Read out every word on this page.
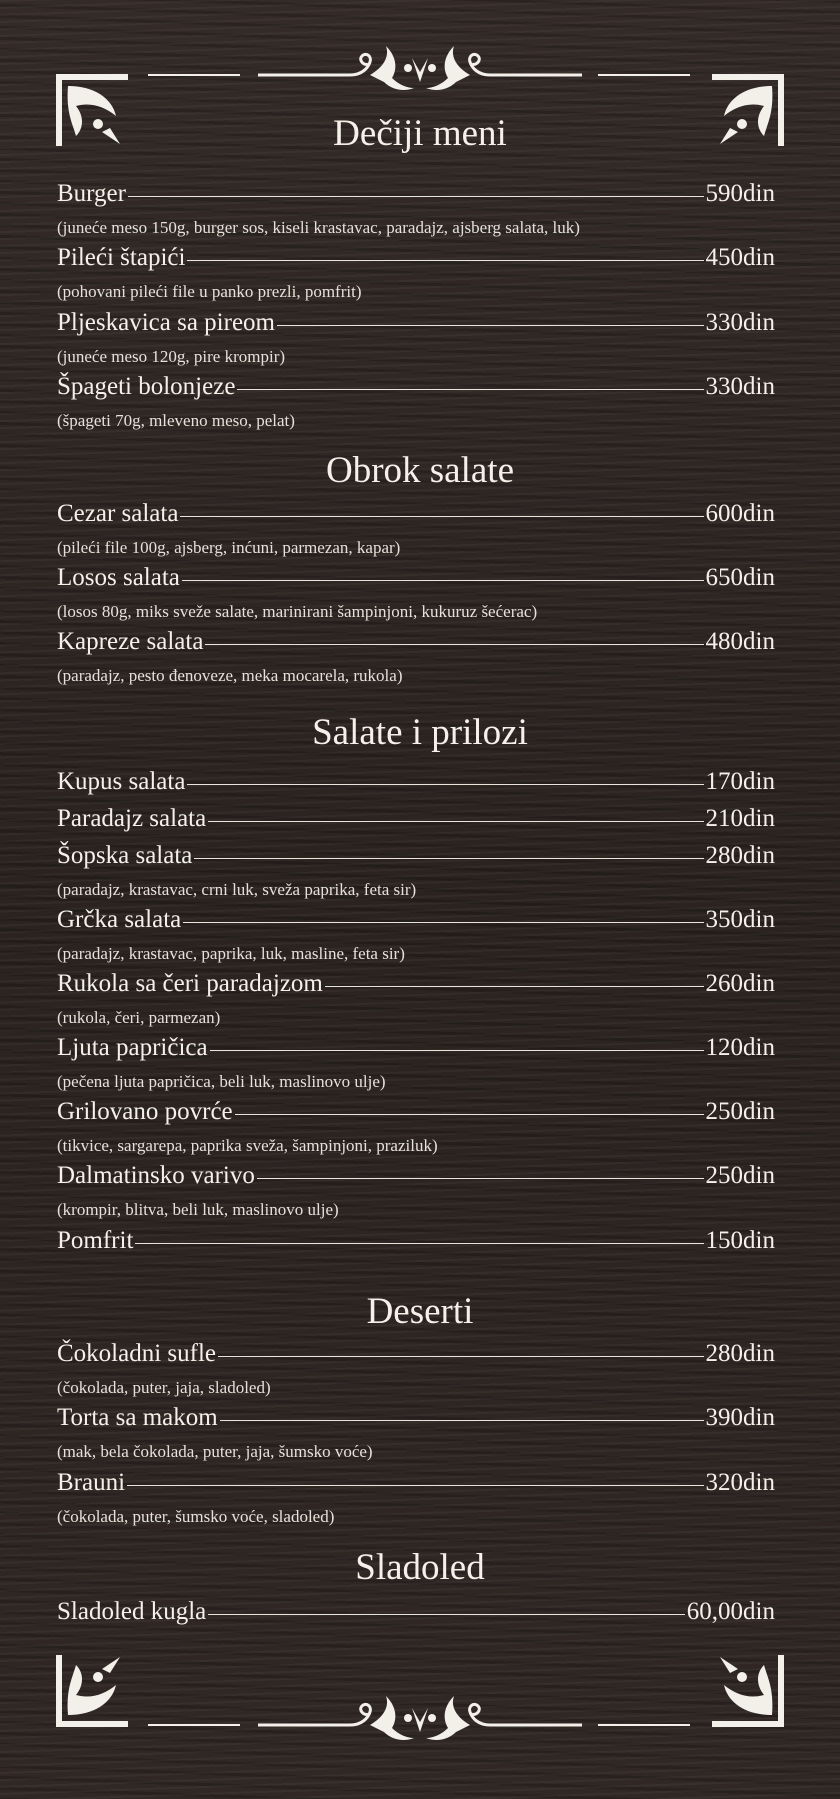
Dečiji meni
Obrok salate
Salate i prilozi
Deserti
Sladoled
Burger	590din
(juneće meso 150g, burger sos, kiseli krastavac, paradajz, ajsberg salata, luk)
Pileći štapići	450din
(pohovani pileći file u panko prezli, pomfrit)
Pljeskavica sa pireom	330din
(juneće meso 120g, pire krompir)
Špageti bolonjeze	330din
(špageti 70g, mleveno meso, pelat)
Cezar salata	600din
(pileći file 100g, ajsberg, inćuni, parmezan, kapar)
Losos salata	650din
(losos 80g, miks sveže salate, marinirani šampinjoni, kukuruz šećerac)
Kapreze salata	480din
(paradajz, pesto đenoveze, meka mocarela, rukola)
Kupus salata	170din
Paradajz salata	210din
Šopska salata	280din
(paradajz, krastavac, crni luk, sveža paprika, feta sir)
Grčka salata	350din
(paradajz, krastavac, paprika, luk, masline, feta sir)
Rukola sa čeri paradajzom	260din
(rukola, čeri, parmezan)
Ljuta papričica	120din
(pečena ljuta papričica, beli luk, maslinovo ulje)
Grilovano povrće	250din
(tikvice, sargarepa, paprika sveža, šampinjoni, praziluk)
Dalmatinsko varivo	250din
(krompir, blitva, beli luk, maslinovo ulje)
Pomfrit	150din
Čokoladni sufle	280din
(čokolada, puter, jaja, sladoled)
Torta sa makom	390din
(mak, bela čokolada, puter, jaja, šumsko voće)
Brauni	320din
(čokolada, puter, šumsko voće, sladoled)
Sladoled kugla	60,00din
